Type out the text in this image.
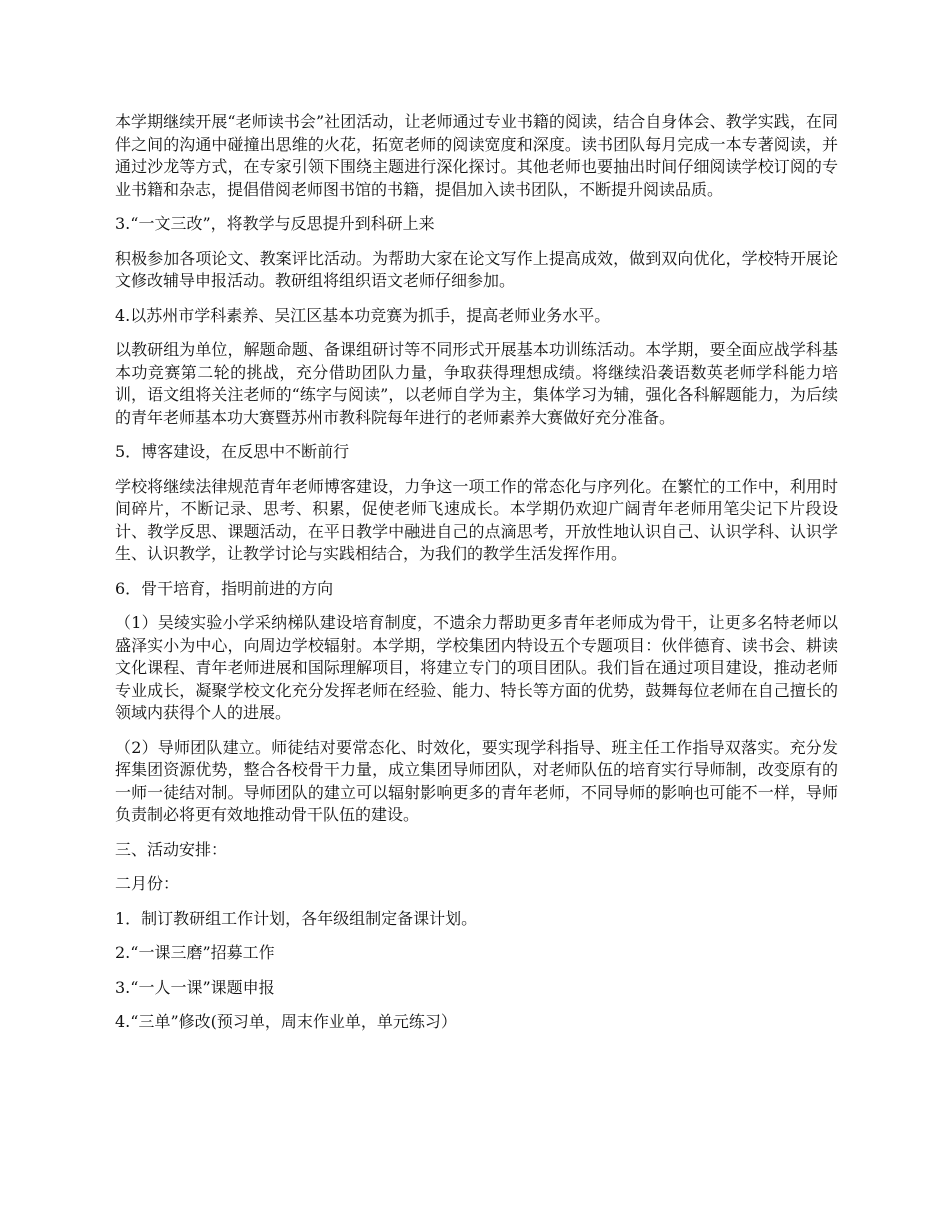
本学期继续开展“老师读书会”社团活动，让老师通过专业书籍的阅读，结合自身体会、教学实践，在同伴之间的沟通中碰撞出思维的火花，拓宽老师的阅读宽度和深度。读书团队每月完成一本专著阅读，并通过沙龙等方式，在专家引领下围绕主题进行深化探讨。其他老师也要抽出时间仔细阅读学校订阅的专业书籍和杂志，提倡借阅老师图书馆的书籍，提倡加入读书团队，不断提升阅读品质。

3.“一文三改”，将教学与反思提升到科研上来

积极参加各项论文、教案评比活动。为帮助大家在论文写作上提高成效，做到双向优化，学校特开展论文修改辅导申报活动。教研组将组织语文老师仔细参加。

4.以苏州市学科素养、吴江区基本功竞赛为抓手，提高老师业务水平。

以教研组为单位，解题命题、备课组研讨等不同形式开展基本功训练活动。本学期，要全面应战学科基本功竞赛第二轮的挑战，充分借助团队力量，争取获得理想成绩。将继续沿袭语数英老师学科能力培训，语文组将关注老师的“练字与阅读”，以老师自学为主，集体学习为辅，强化各科解题能力，为后续的青年老师基本功大赛暨苏州市教科院每年进行的老师素养大赛做好充分准备。

5．博客建设，在反思中不断前行

学校将继续法律规范青年老师博客建设，力争这一项工作的常态化与序列化。在繁忙的工作中，利用时间碎片，不断记录、思考、积累，促使老师飞速成长。本学期仍欢迎广阔青年老师用笔尖记下片段设计、教学反思、课题活动，在平日教学中融进自己的点滴思考，开放性地认识自己、认识学科、认识学生、认识教学，让教学讨论与实践相结合，为我们的教学生活发挥作用。

6．骨干培育，指明前进的方向

（1）吴绫实验小学采纳梯队建设培育制度，不遗余力帮助更多青年老师成为骨干，让更多名特老师以盛泽实小为中心，向周边学校辐射。本学期，学校集团内特设五个专题项目：伙伴德育、读书会、耕读文化课程、青年老师进展和国际理解项目，将建立专门的项目团队。我们旨在通过项目建设，推动老师专业成长，凝聚学校文化充分发挥老师在经验、能力、特长等方面的优势，鼓舞每位老师在自己擅长的领域内获得个人的进展。

（2）导师团队建立。师徒结对要常态化、时效化，要实现学科指导、班主任工作指导双落实。充分发挥集团资源优势，整合各校骨干力量，成立集团导师团队，对老师队伍的培育实行导师制，改变原有的一师一徒结对制。导师团队的建立可以辐射影响更多的青年老师，不同导师的影响也可能不一样，导师负责制必将更有效地推动骨干队伍的建设。

三、活动安排：

二月份：

1．制订教研组工作计划，各年级组制定备课计划。

2.“一课三磨”招募工作

3.“一人一课”课题申报

4.“三单”修改(预习单，周末作业单，单元练习）
